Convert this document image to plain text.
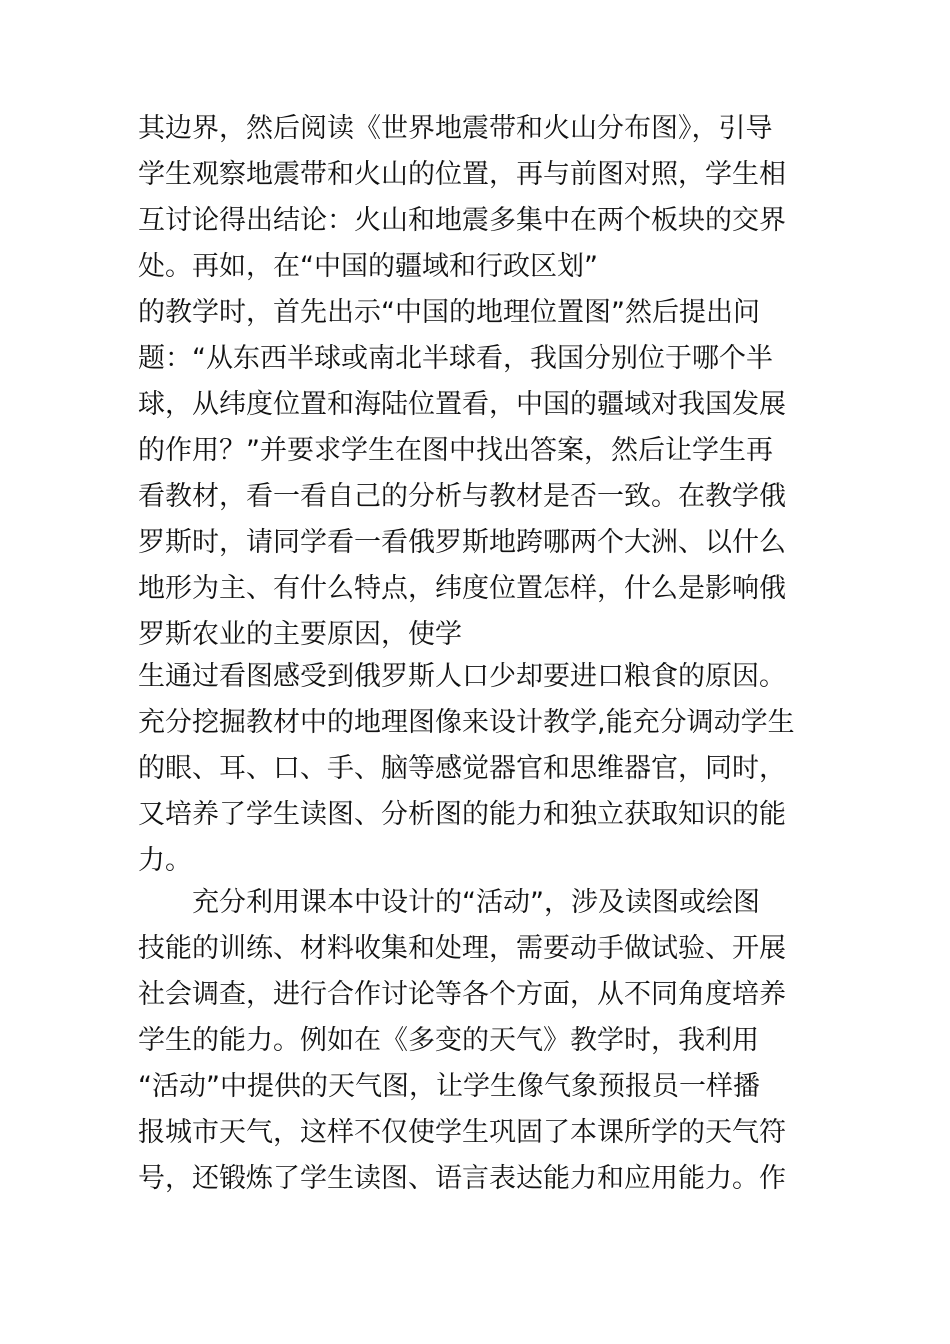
其边界，然后阅读《世界地震带和火山分布图》，引导
学生观察地震带和火山的位置，再与前图对照，学生相
互讨论得出结论：火山和地震多集中在两个板块的交界
处。再如，在“中国的疆域和行政区划”
的教学时，首先出示“中国的地理位置图”然后提出问
题：“从东西半球或南北半球看，我国分别位于哪个半
球，从纬度位置和海陆位置看，中国的疆域对我国发展
的作用？”并要求学生在图中找出答案，然后让学生再
看教材，看一看自己的分析与教材是否一致。在教学俄
罗斯时，请同学看一看俄罗斯地跨哪两个大洲、以什么
地形为主、有什么特点，纬度位置怎样，什么是影响俄
罗斯农业的主要原因，使学
生通过看图感受到俄罗斯人口少却要进口粮食的原因。
充分挖掘教材中的地理图像来设计教学,能充分调动学生
的眼、耳、口、手、脑等感觉器官和思维器官，同时，
又培养了学生读图、分析图的能力和独立获取知识的能
力。
充分利用课本中设计的“活动”，涉及读图或绘图
技能的训练、材料收集和处理，需要动手做试验、开展
社会调查，进行合作讨论等各个方面，从不同角度培养
学生的能力。例如在《多变的天气》教学时，我利用
“活动”中提供的天气图，让学生像气象预报员一样播
报城市天气，这样不仅使学生巩固了本课所学的天气符
号，还锻炼了学生读图、语言表达能力和应用能力。作
